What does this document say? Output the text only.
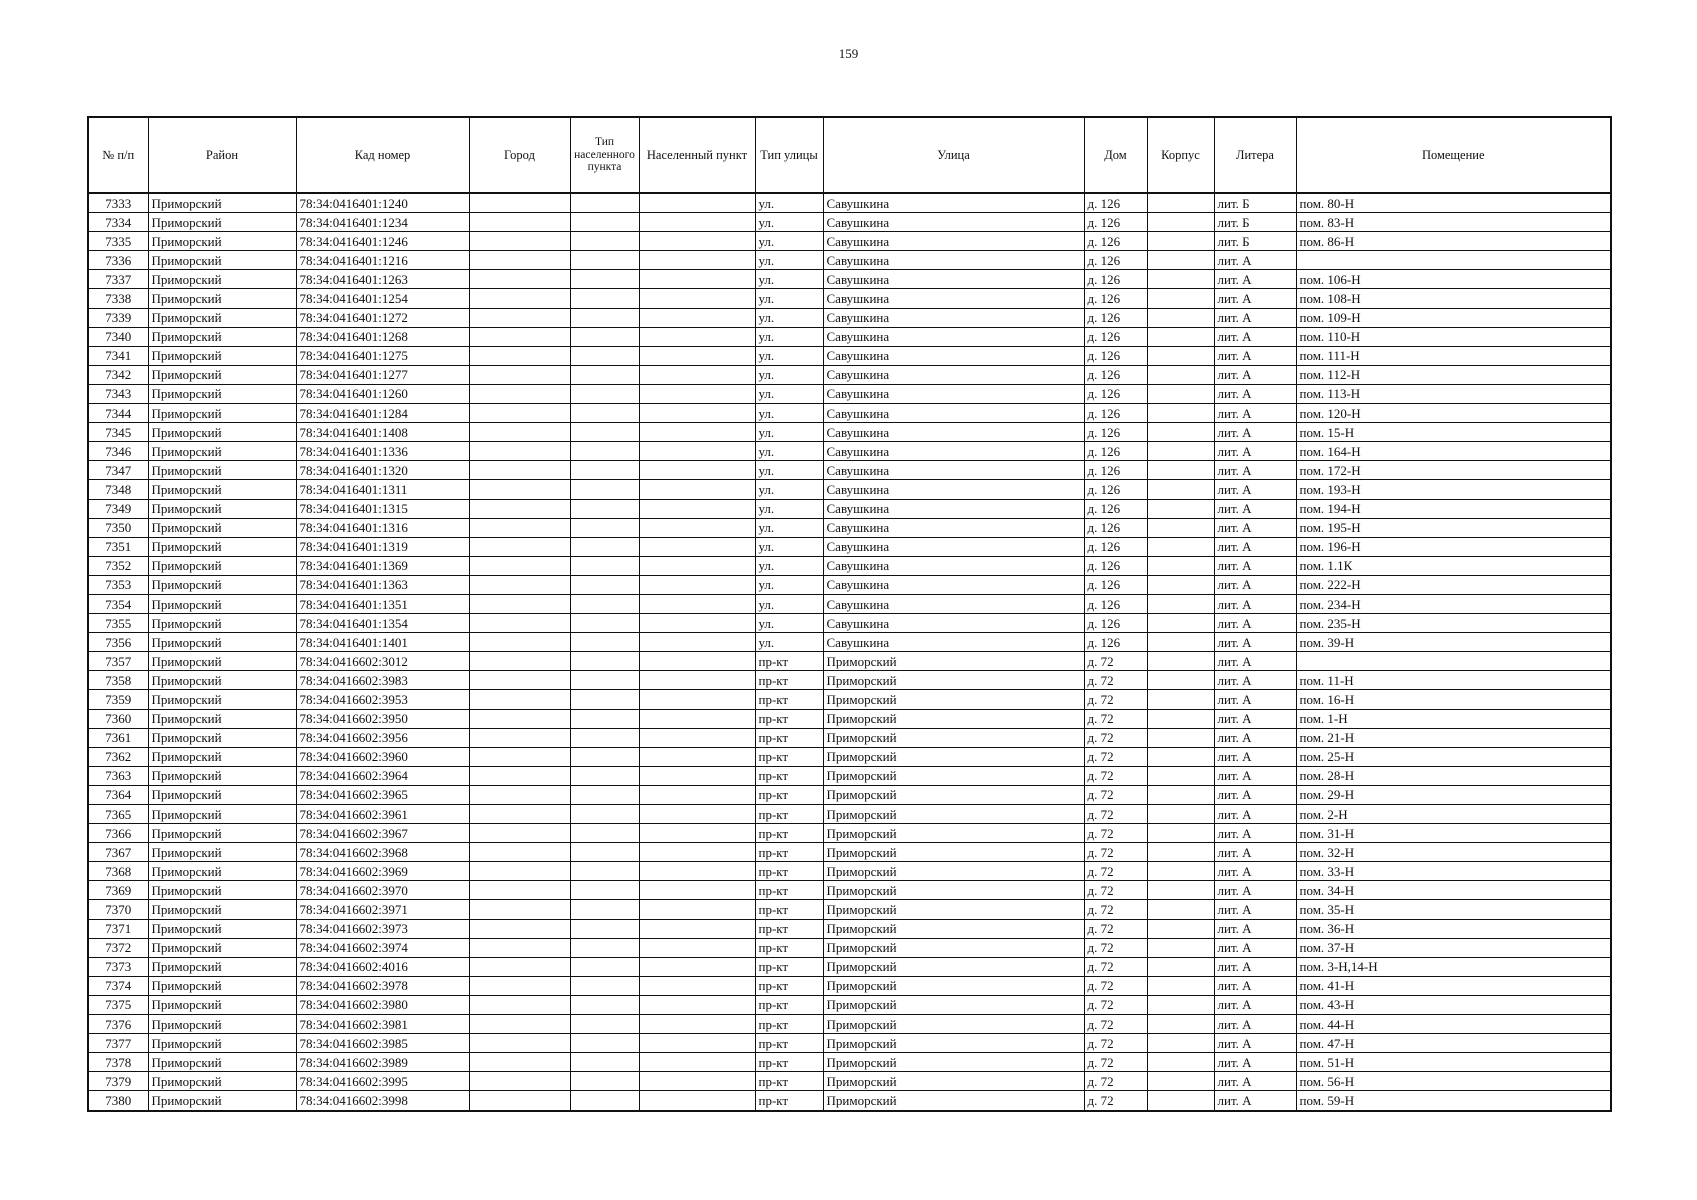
159
№ п/п	Район	Кад номер	Город	Тип населенного пункта	Населенный пункт	Тип улицы	Улица	Дом	Корпус	Литера	Помещение
7333	Приморский	78:34:0416401:1240				ул.	Савушкина	д. 126		лит. Б	пом. 80-Н
7334	Приморский	78:34:0416401:1234				ул.	Савушкина	д. 126		лит. Б	пом. 83-Н
7335	Приморский	78:34:0416401:1246				ул.	Савушкина	д. 126		лит. Б	пом. 86-Н
7336	Приморский	78:34:0416401:1216				ул.	Савушкина	д. 126		лит. А	
7337	Приморский	78:34:0416401:1263				ул.	Савушкина	д. 126		лит. А	пом. 106-Н
7338	Приморский	78:34:0416401:1254				ул.	Савушкина	д. 126		лит. А	пом. 108-Н
7339	Приморский	78:34:0416401:1272				ул.	Савушкина	д. 126		лит. А	пом. 109-Н
7340	Приморский	78:34:0416401:1268				ул.	Савушкина	д. 126		лит. А	пом. 110-Н
7341	Приморский	78:34:0416401:1275				ул.	Савушкина	д. 126		лит. А	пом. 111-Н
7342	Приморский	78:34:0416401:1277				ул.	Савушкина	д. 126		лит. А	пом. 112-Н
7343	Приморский	78:34:0416401:1260				ул.	Савушкина	д. 126		лит. А	пом. 113-Н
7344	Приморский	78:34:0416401:1284				ул.	Савушкина	д. 126		лит. А	пом. 120-Н
7345	Приморский	78:34:0416401:1408				ул.	Савушкина	д. 126		лит. А	пом. 15-Н
7346	Приморский	78:34:0416401:1336				ул.	Савушкина	д. 126		лит. А	пом. 164-Н
7347	Приморский	78:34:0416401:1320				ул.	Савушкина	д. 126		лит. А	пом. 172-Н
7348	Приморский	78:34:0416401:1311				ул.	Савушкина	д. 126		лит. А	пом. 193-Н
7349	Приморский	78:34:0416401:1315				ул.	Савушкина	д. 126		лит. А	пом. 194-Н
7350	Приморский	78:34:0416401:1316				ул.	Савушкина	д. 126		лит. А	пом. 195-Н
7351	Приморский	78:34:0416401:1319				ул.	Савушкина	д. 126		лит. А	пом. 196-Н
7352	Приморский	78:34:0416401:1369				ул.	Савушкина	д. 126		лит. А	пом. 1.1К
7353	Приморский	78:34:0416401:1363				ул.	Савушкина	д. 126		лит. А	пом. 222-Н
7354	Приморский	78:34:0416401:1351				ул.	Савушкина	д. 126		лит. А	пом. 234-Н
7355	Приморский	78:34:0416401:1354				ул.	Савушкина	д. 126		лит. А	пом. 235-Н
7356	Приморский	78:34:0416401:1401				ул.	Савушкина	д. 126		лит. А	пом. 39-Н
7357	Приморский	78:34:0416602:3012				пр-кт	Приморский	д. 72		лит. А	
7358	Приморский	78:34:0416602:3983				пр-кт	Приморский	д. 72		лит. А	пом. 11-Н
7359	Приморский	78:34:0416602:3953				пр-кт	Приморский	д. 72		лит. А	пом. 16-Н
7360	Приморский	78:34:0416602:3950				пр-кт	Приморский	д. 72		лит. А	пом. 1-Н
7361	Приморский	78:34:0416602:3956				пр-кт	Приморский	д. 72		лит. А	пом. 21-Н
7362	Приморский	78:34:0416602:3960				пр-кт	Приморский	д. 72		лит. А	пом. 25-Н
7363	Приморский	78:34:0416602:3964				пр-кт	Приморский	д. 72		лит. А	пом. 28-Н
7364	Приморский	78:34:0416602:3965				пр-кт	Приморский	д. 72		лит. А	пом. 29-Н
7365	Приморский	78:34:0416602:3961				пр-кт	Приморский	д. 72		лит. А	пом. 2-Н
7366	Приморский	78:34:0416602:3967				пр-кт	Приморский	д. 72		лит. А	пом. 31-Н
7367	Приморский	78:34:0416602:3968				пр-кт	Приморский	д. 72		лит. А	пом. 32-Н
7368	Приморский	78:34:0416602:3969				пр-кт	Приморский	д. 72		лит. А	пом. 33-Н
7369	Приморский	78:34:0416602:3970				пр-кт	Приморский	д. 72		лит. А	пом. 34-Н
7370	Приморский	78:34:0416602:3971				пр-кт	Приморский	д. 72		лит. А	пом. 35-Н
7371	Приморский	78:34:0416602:3973				пр-кт	Приморский	д. 72		лит. А	пом. 36-Н
7372	Приморский	78:34:0416602:3974				пр-кт	Приморский	д. 72		лит. А	пом. 37-Н
7373	Приморский	78:34:0416602:4016				пр-кт	Приморский	д. 72		лит. А	пом. 3-Н,14-Н
7374	Приморский	78:34:0416602:3978				пр-кт	Приморский	д. 72		лит. А	пом. 41-Н
7375	Приморский	78:34:0416602:3980				пр-кт	Приморский	д. 72		лит. А	пом. 43-Н
7376	Приморский	78:34:0416602:3981				пр-кт	Приморский	д. 72		лит. А	пом. 44-Н
7377	Приморский	78:34:0416602:3985				пр-кт	Приморский	д. 72		лит. А	пом. 47-Н
7378	Приморский	78:34:0416602:3989				пр-кт	Приморский	д. 72		лит. А	пом. 51-Н
7379	Приморский	78:34:0416602:3995				пр-кт	Приморский	д. 72		лит. А	пом. 56-Н
7380	Приморский	78:34:0416602:3998				пр-кт	Приморский	д. 72		лит. А	пом. 59-Н
